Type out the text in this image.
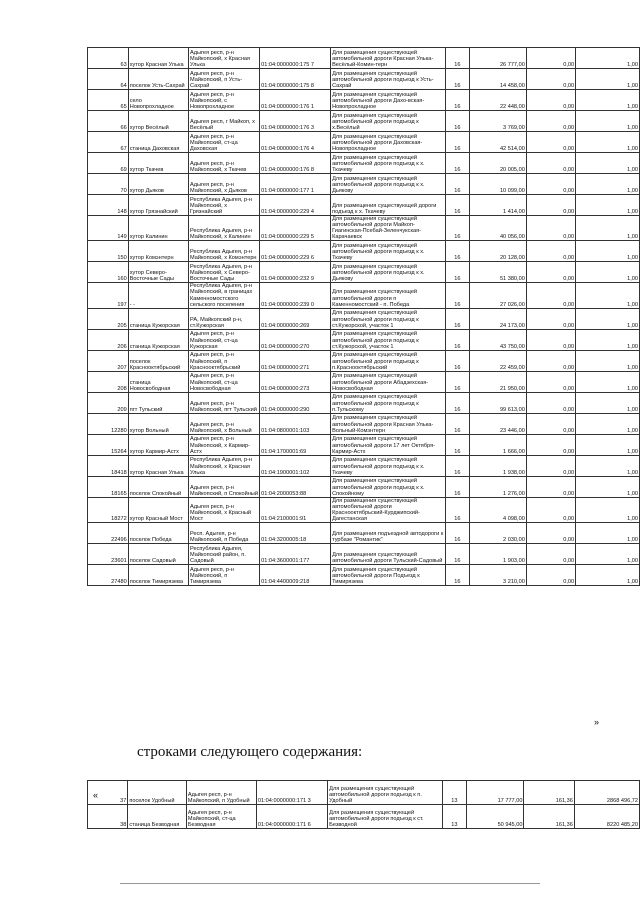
63	хутор Красная Улька	Адыгея респ, р-н Майкопский, х Красная Улька	01:04:0000000:175 7	Для размещения существующей автомобильной дороги Красная Улька-Весёлый-Комин-терн	16	26 777,00	0,00	1,00
64	поселок Усть-Сахрай	Адыгея респ, р-н Майкопский, п Усть-Сахрай	01:04:0000000:175 8	Для размещения существующей автомобильной дороги подъезд к Усть-Сахрай	16	14 458,00	0,00	1,00
65	село Новопрохладное	Адыгея респ, р-н Майкопский, с Новопрохладное	01:04:0000000:176 1	Для размещения существующей автомобильной дороги Дахо-вская-Новопрохладное	16	22 448,00	0,00	1,00
66	хутор Весёлый	Адыгея респ, г Майкоп, х Весёлый	01:04:0000000:176 3	Для размещения существующей автомобильной дороги подъезд к х.Весёлый	16	3 769,00	0,00	1,00
67	станица Даховская	Адыгея респ, р-н Майкопский, ст-ца Даховская	01:04:0000000:176 4	Для размещения существующей автомобильной дороги Даховская-Новопрохладное	16	42 514,00	0,00	1,00
69	хутор Ткачев	Адыгея респ, р-н Майкопский, х Ткачев	01:04:0000000:176 8	Для размещения существующей автомобильной дороги подъезд к х. Ткачеву	16	20 005,00	0,00	1,00
70	хутор Дьяков	Адыгея респ, р-н Майкопский, х Дьяков	01:04:0000000:177 1	Для размещения существующей автомобильной дороги подъезд к х. Дьякову	16	10 099,00	0,00	1,00
148	хутор Грязнайский	Республика Адыгея, р-н Майкопский, х Грязнайский	01:04:0000000:229 4	Для размещения существующей дороги подъезд к х. Ткачеву	16	1 414,00	0,00	1,00
149	хутор Калинин	Республика Адыгея, р-н Майкопский, х Калинин	01:04:0000000:229 5	Для размещения существующей автомобильной дороги Майкоп-Гиагинская-Псебай-Зеленчукская-Карачаевск	16	40 056,00	0,00	1,00
150	хутор Комэнтерн	Республика Адыгея, р-н Майкопский, х Комэнтерн	01:04:0000000:229 6	Для размещения существующей автомобильной дороги подъезд к х. Ткачеву	16	20 128,00	0,00	1,00
160	хутор Северо-Восточные Сады	Республика Адыгея, р-н Майкопский, х Северо-Восточные Сады	01:04:0000000:232 9	Для размещения существующей автомобильной дороги подъезд к х. Дьякову	16	51 380,00	0,00	1,00
197	- -	Республика Адыгея, р-н Майкопский, в границах Каменномостского сельского поселения	01:04:0000000:239 0	Для размещения существующей автомобильной дороги п Каменномостский - п. Победа	16	27 026,00	0,00	1,00
205	станица Кужорская	РА, Майкопский р-н, ст.Кужорская	01:04:0000000:269	Для размещения существующей автомобильной дороги подъезд к ст.Кужорской, участок 1	16	24 173,00	0,00	1,00
206	станица Кужорская	Адыгея респ, р-н Майкопский, ст-ца Кужорская	01:04:0000000:270	Для размещения существующей автомобильной дороги подъезд к ст.Кужорской, участок 1	16	43 750,00	0,00	1,00
207	поселок Краснооктябрьский	Адыгея респ, р-н Майкопский, п Краснооктябрьский	01:04:0000000:271	Для размещения существующей автомобильной дороги подъезд к п.Краснооктябрьский	16	22 459,00	0,00	1,00
208	станица Новосвободная	Адыгея респ, р-н Майкопский, ст-ца Новосвободная	01:04:0000000:273	Для размещения существующей автомобильной дороги Абадзехская-Новосвободная	16	21 950,00	0,00	1,00
209	пгт Тульский	Адыгея респ, р-н Майкопский, пгт Тульский	01:04:0000000:290	Для размещения существующей автомобильной дороги подъезд к п.Тульскому	16	99 613,00	0,00	1,00
12280	хутор Вольный	Адыгея респ, р-н Майкопский, х Вольный	01:04:0800001:103	Для размещения существующей автомобильной дороги Красная Улька-Вольный-Комэнтерн	16	23 446,00	0,00	1,00
15264	хутор Кармир-Астх	Адыгея респ, р-н Майкопский, х Кармир-Астх	01:04:1700001:69	Для размещения существующей автомобильной дороги 17 лет Октября-Кармир-Астх	16	1 666,00	0,00	1,00
18418	хутор Красная Улька	Республика Адыгея, р-н Майкопский, х Красная Улька	01:04:1900001:102	Для размещения существующей автомобильной дороги подъезд к х. Ткачеву	16	1 938,00	0,00	1,00
18165	поселок Спокойный	Адыгея респ, р-н Майкопский, п Спокойный	01:04:2000053:88	Для размещения существующей автомобильной дороги подъезд к х. Спокойному	16	1 276,00	0,00	1,00
18272	хутор Красный Мост	Адыгея респ, р-н Майкопский, х Красный Мост	01:04:2100001:91	Для размещения существующей автомобильной дороги Краснооктябрьский-Курджипский-Дагестанская	16	4 098,00	0,00	1,00
22496	поселок Победа	Респ. Адыгея, р-н Майкопский, п Победа	01:04:3200005:18	Для размещения подъездной автодороги к турбазе "Романтик"	16	2 030,00	0,00	1,00
23601	поселок Садовый	Республика Адыгея, Майкопский район, п. Садовый	01:04:3600001:177	Для размещения существующей автомобильной дороги Тульский-Садовый	16	1 903,00	0,00	1,00
27480	поселок Тимирязева	Адыгея респ, р-н Майкопский, п Тимирязева	01:04:4400009:218	Для размещения существующей автомобильной дороги Подъезд к Тимирязева	16	3 210,00	0,00	1,00
»
строками следующего содержания:
«
37	поселок Удобный	Адыгея респ, р-н Майкопский, п Удобный	01:04:0000000:171 3	Для размещения существующей автомобильной дороги подъезд к п. Удобный	13	17 777,00	161,36	2868 496,72
38	станица Безводная	Адыгея респ, р-н Майкопский, ст-ца Безводная	01:04:0000000:171 6	Для размещения существующей автомобильной дороги подъезд к ст. Безводной	13	50 945,00	161,36	8220 485,20
